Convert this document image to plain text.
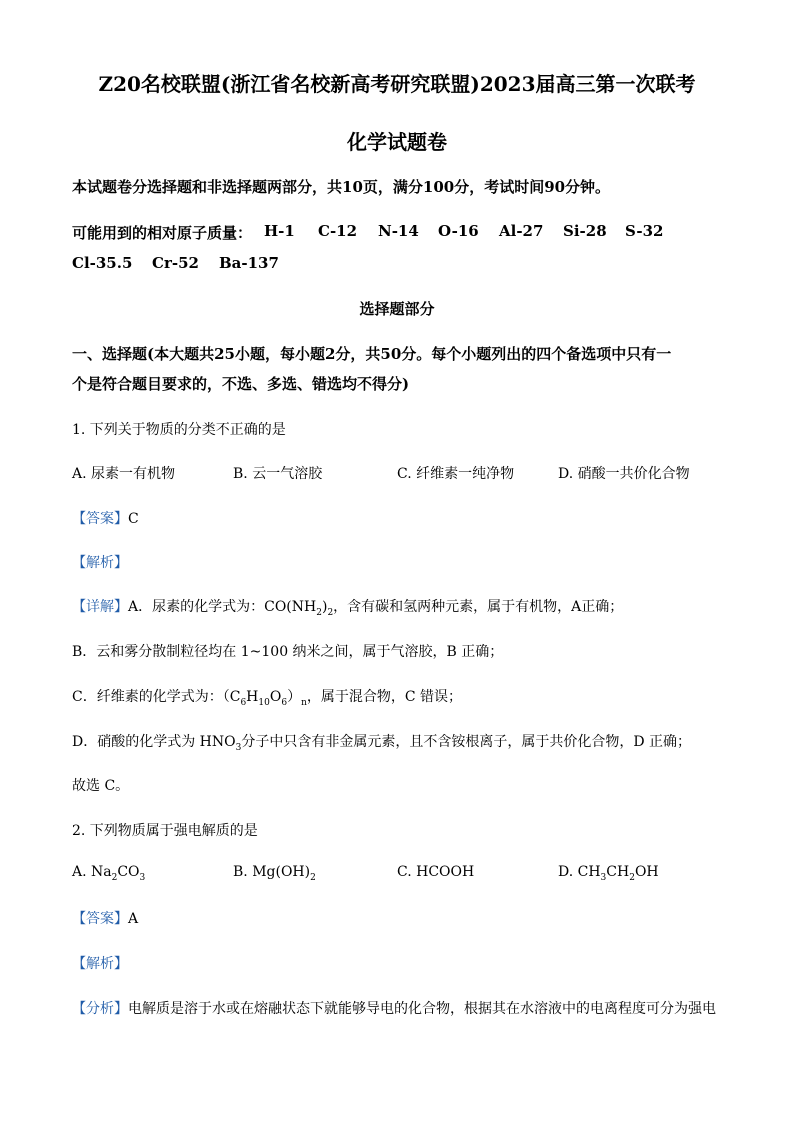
Z20名校联盟(浙江省名校新高考研究联盟)2023届高三第一次联考
化学试题卷
本试题卷分选择题和非选择题两部分，共10页，满分100分，考试时间90分钟。
可能用到的相对原子质量： H-1 C-12 N-14 O-16 Al-27 Si-28 S-32
Cl-35.5 Cr-52 Ba-137
选择题部分
一、选择题(本大题共25小题，每小题2分，共50分。每个小题列出的四个备选项中只有一
个是符合题目要求的，不选、多选、错选均不得分)
1. 下列关于物质的分类不正确的是
A. 尿素一有机物	B. 云一气溶胶	C. 纤维素一纯净物	D. 硝酸一共价化合物
【答案】C
【解析】
【详解】A．尿素的化学式为：$CO(NH_2)_2$，含有碳和氢两种元素，属于有机物，A正确；
B．云和雾分散制粒径均在 1~100 纳米之间，属于气溶胶，B 正确；
C．纤维素的化学式为：$(C_6H_{10}O_6)_n$，属于混合物，C 错误；
D．硝酸的化学式为 $HNO_3$分子中只含有非金属元素，且不含铵根离子，属于共价化合物，D 正确；
故选 C。
2. 下列物质属于强电解质的是
A. $Na_2CO_3$	B. $Mg(OH)_2$	C. HCOOH	D. $CH_3CH_2OH$
【答案】A
【解析】
【分析】电解质是溶于水或在熔融状态下就能够导电的化合物，根据其在水溶液中的电离程度可分为强电
